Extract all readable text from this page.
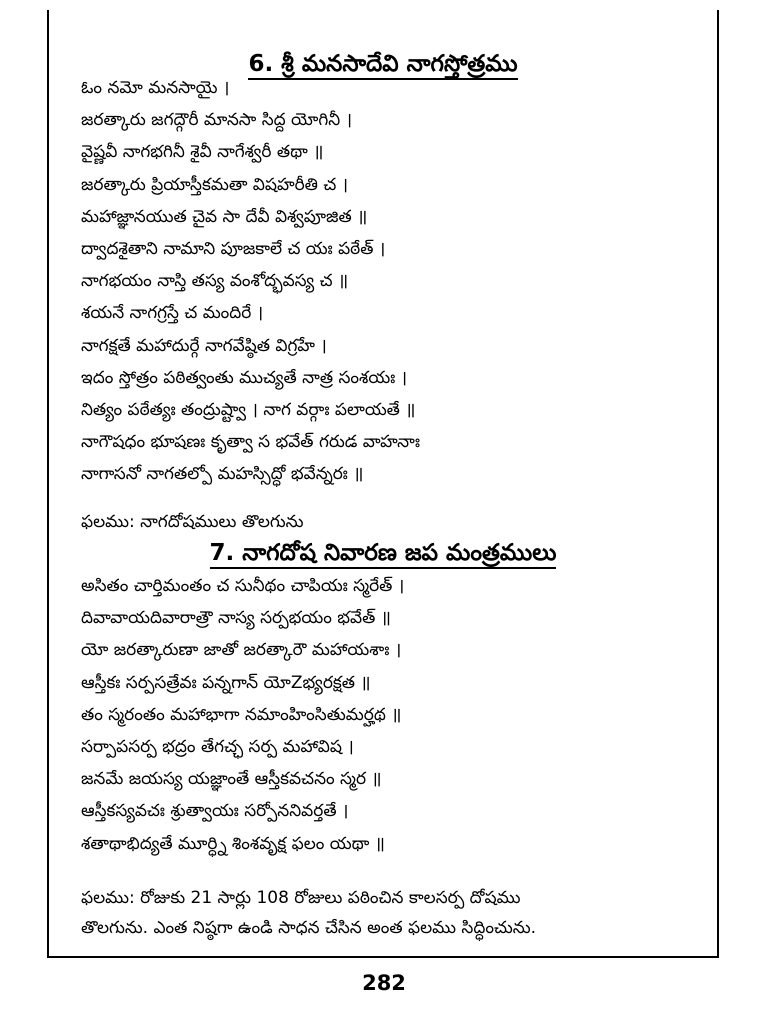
6. శ్రీ మనసాదేవి నాగస్తోత్రము
ఓం నమో మనసాయై ।
జరత్కారు జగద్గౌరీ మానసా సిద్ద యోగినీ ।
వైష్ణవీ నాగభగినీ శైవీ నాగేశ్వరీ తథా ॥
జరత్కారు ప్రియాస్తీకమతా విషహరీతి చ ।
మహాజ్ఞానయుత చైవ సా దేవీ విశ్వపూజిత ॥
ద్వాదశైతాని నామాని పూజకాలే చ యః పఠేత్ ।
నాగభయం నాస్తి తస్య వంశోద్భవస్య చ ॥
శయనే నాగగ్రస్తే చ మందిరే ।
నాగక్షతే మహాదుర్గే నాగవేష్ఠిత విగ్రహే ।
ఇదం స్తోత్రం పఠిత్వంతు ముచ్యతే నాత్ర సంశయః ।
నిత్యం పఠేత్యః తంద్రుష్ట్వా । నాగ వర్గాః పలాయతే ॥
నాగౌషధం భూషణః కృత్వా స భవేత్ గరుడ వాహనాః
నాగాసనో నాగతల్పో మహస్సిద్ధో భవేన్నరః ॥
ఫలము: నాగదోషములు తొలగును
7. నాగదోష నివారణ జప మంత్రములు
అసితం చార్తిమంతం చ సునీథం చాపియః స్మరేత్ ।
దివావాయదివారాత్రౌ నాస్య సర్పభయం భవేత్ ॥
యో జరత్కారుణా జాతో జరత్కారౌ మహాయశాః ।
ఆస్తీకః సర్పసత్రేవః పన్నగాన్ యోZభ్యరక్షత ॥
తం స్మరంతం మహాభాగా నమాంహింసితుమర్హథ ॥
సర్పాపసర్ప భద్రం తేగచ్ఛ సర్ప మహావిష ।
జనమే జయస్య యజ్ఞాంతే ఆస్తీకవచనం స్మర ॥
ఆస్తీకస్యవచః శ్రుత్వాయః సర్పోననివర్తతే ।
శతాథాభిద్యతే మూర్ధ్ని శింశవృక్ష ఫలం యథా ॥
ఫలము: రోజుకు 21 సార్లు 108 రోజులు పఠించిన కాలసర్ప దోషము
తొలగును. ఎంత నిష్ఠగా ఉండి సాధన చేసిన అంత ఫలము సిద్ధించును.
282
